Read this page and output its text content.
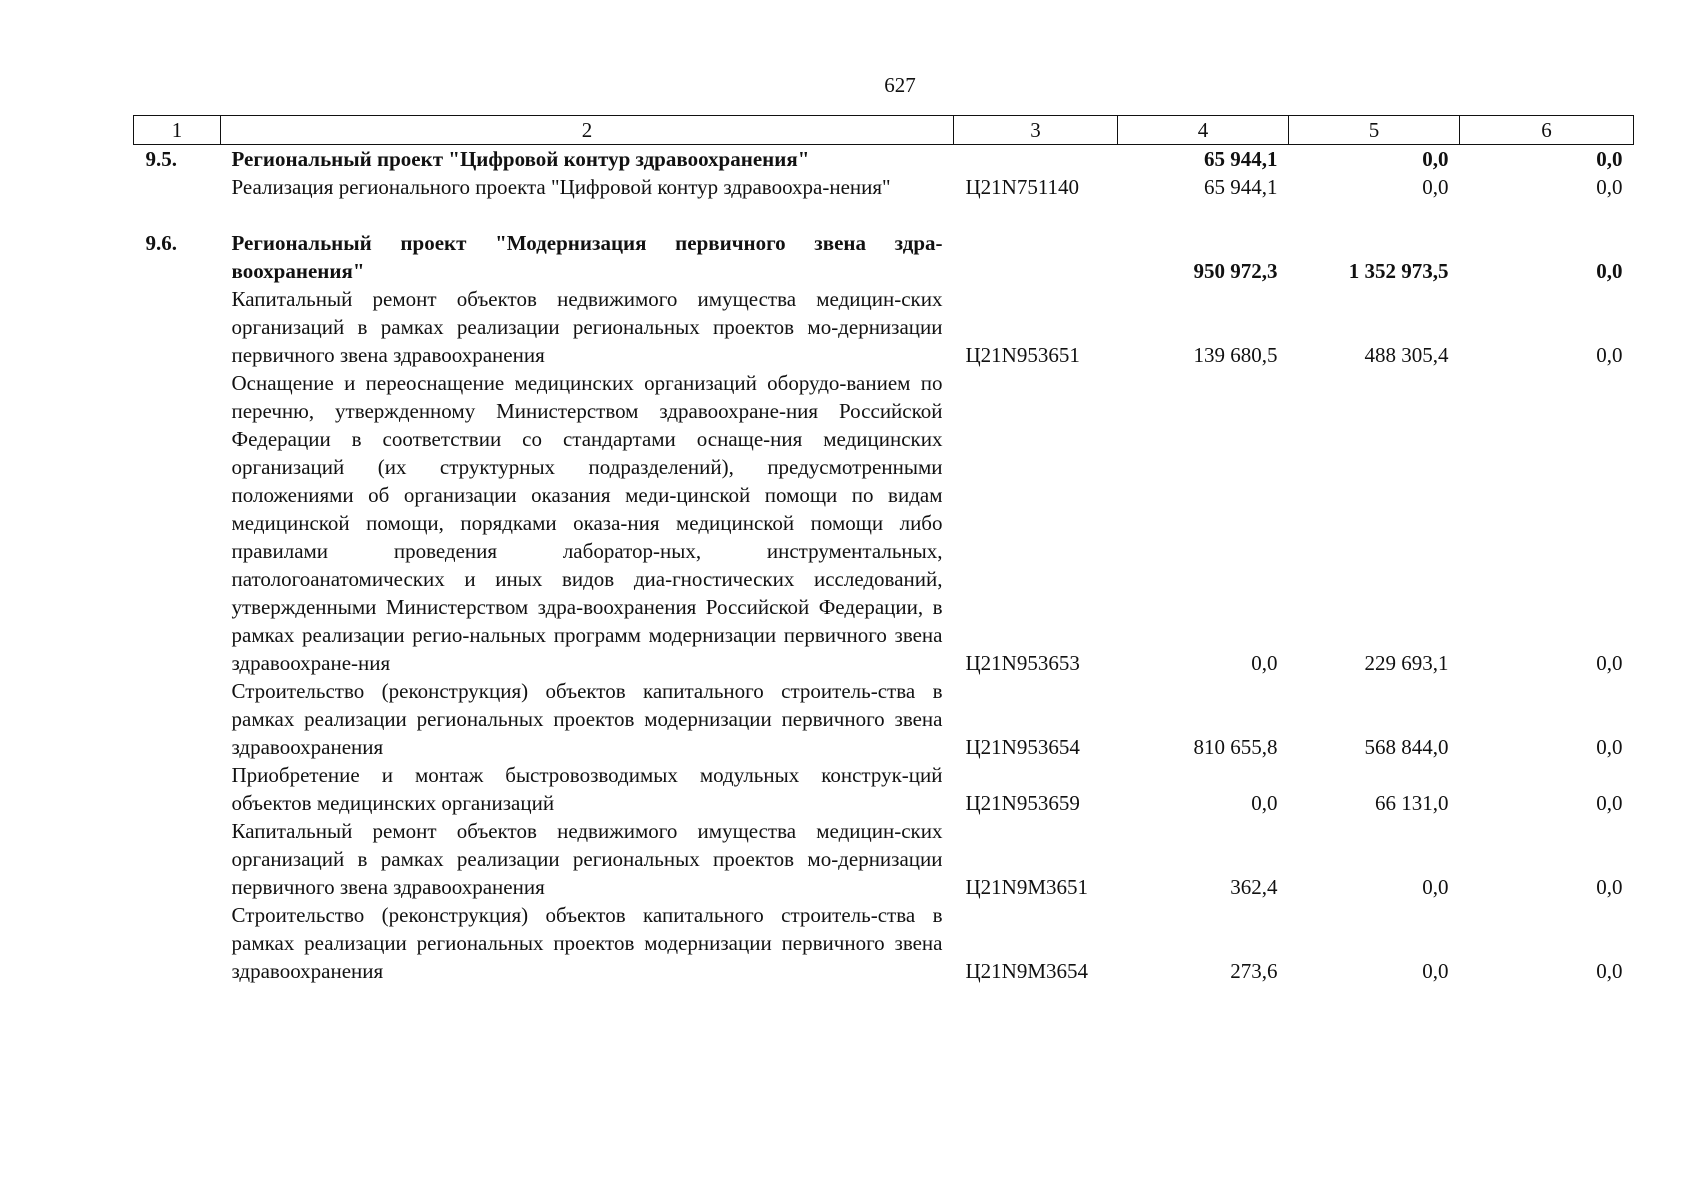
627
1	2	3	4	5	6
9.5.	Региональный проект "Цифровой контур здравоохранения"		65 944,1	0,0	0,0
	Реализация регионального проекта "Цифровой контур здравоохра-нения"	Ц21N751140	65 944,1	0,0	0,0

9.6.	Региональный проект "Модернизация первичного звена здра-воохранения"		950 972,3	1 352 973,5	0,0
	Капитальный ремонт объектов недвижимого имущества медицин-ских организаций в рамках реализации региональных проектов мо-дернизации первичного звена здравоохранения	Ц21N953651	139 680,5	488 305,4	0,0
	Оснащение и переоснащение медицинских организаций оборудо-ванием по перечню, утвержденному Министерством здравоохране-ния Российской Федерации в соответствии со стандартами оснаще-ния медицинских организаций (их структурных подразделений), предусмотренными положениями об организации оказания меди-цинской помощи по видам медицинской помощи, порядками оказа-ния медицинской помощи либо правилами проведения лаборатор-ных, инструментальных, патологоанатомических и иных видов диа-гностических исследований, утвержденными Министерством здра-воохранения Российской Федерации, в рамках реализации регио-нальных программ модернизации первичного звена здравоохране-ния	Ц21N953653	0,0	229 693,1	0,0
	Строительство (реконструкция) объектов капитального строитель-ства в рамках реализации региональных проектов модернизации первичного звена здравоохранения	Ц21N953654	810 655,8	568 844,0	0,0
	Приобретение и монтаж быстровозводимых модульных конструк-ций объектов медицинских организаций	Ц21N953659	0,0	66 131,0	0,0
	Капитальный ремонт объектов недвижимого имущества медицин-ских организаций в рамках реализации региональных проектов мо-дернизации первичного звена здравоохранения	Ц21N9M3651	362,4	0,0	0,0
	Строительство (реконструкция) объектов капитального строитель-ства в рамках реализации региональных проектов модернизации первичного звена здравоохранения	Ц21N9M3654	273,6	0,0	0,0
